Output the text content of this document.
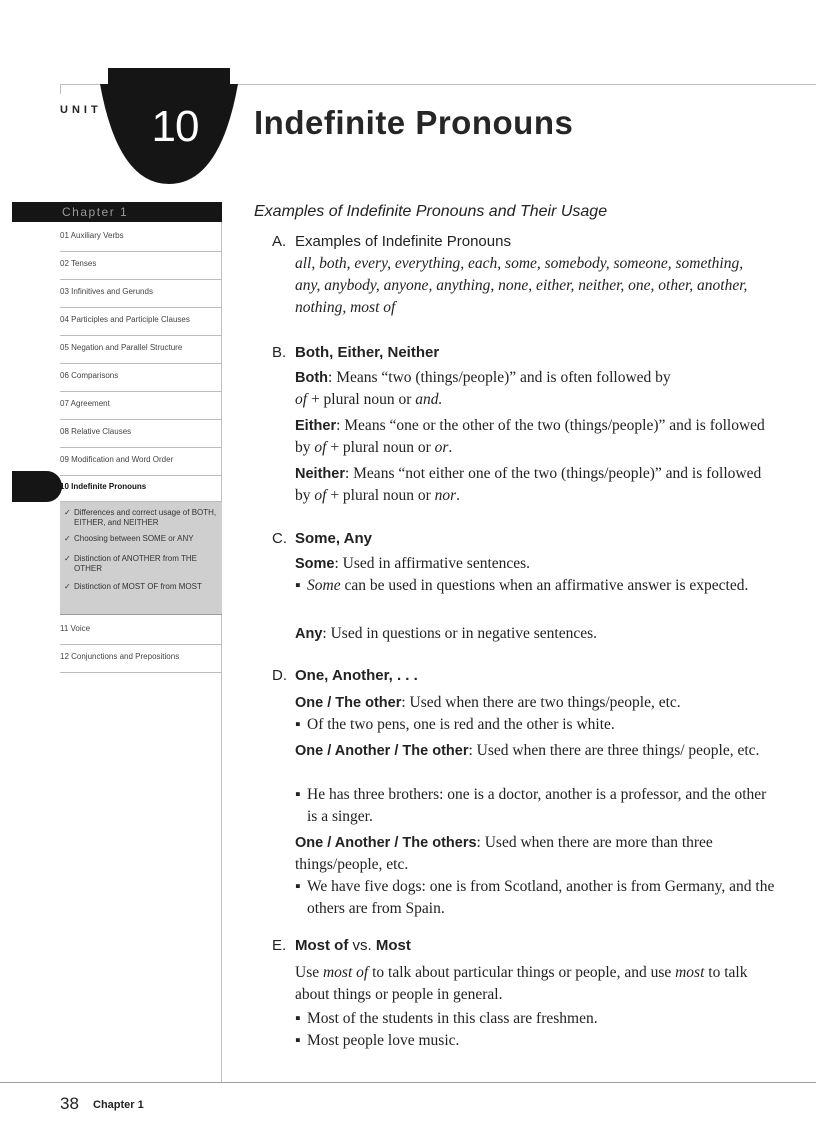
UNIT 10 Indefinite Pronouns
Chapter 1
01 Auxiliary Verbs
02 Tenses
03 Infinitives and Gerunds
04 Participles and Participle Clauses
05 Negation and Parallel Structure
06 Comparisons
07 Agreement
08 Relative Clauses
09 Modification and Word Order
10 Indefinite Pronouns
✓ Differences and correct usage of BOTH, EITHER, and NEITHER
✓ Choosing between SOME or ANY
✓ Distinction of ANOTHER from THE OTHER
✓ Distinction of MOST OF from MOST
11 Voice
12 Conjunctions and Prepositions
Examples of Indefinite Pronouns and Their Usage
A. Examples of Indefinite Pronouns
all, both, every, everything, each, some, somebody, someone, something, any, anybody, anyone, anything, none, either, neither, one, other, another, nothing, most of
B. Both, Either, Neither
Both: Means “two (things/people)” and is often followed by
of + plural noun or and.
Either: Means “one or the other of the two (things/people)” and is followed by of + plural noun or or.
Neither: Means “not either one of the two (things/people)” and is followed by of + plural noun or nor.
C. Some, Any
Some: Used in affirmative sentences.
▪ Some can be used in questions when an affirmative answer is expected.
Any: Used in questions or in negative sentences.
D. One, Another, . . .
One / The other: Used when there are two things/people, etc.
▪ Of the two pens, one is red and the other is white.
One / Another / The other: Used when there are three things/ people, etc.
▪ He has three brothers: one is a doctor, another is a professor, and the other is a singer.
One / Another / The others: Used when there are more than three things/people, etc.
▪ We have five dogs: one is from Scotland, another is from Germany, and the others are from Spain.
E. Most of vs. Most
Use most of to talk about particular things or people, and use most to talk about things or people in general.
▪ Most of the students in this class are freshmen.
▪ Most people love music.
38 Chapter 1
